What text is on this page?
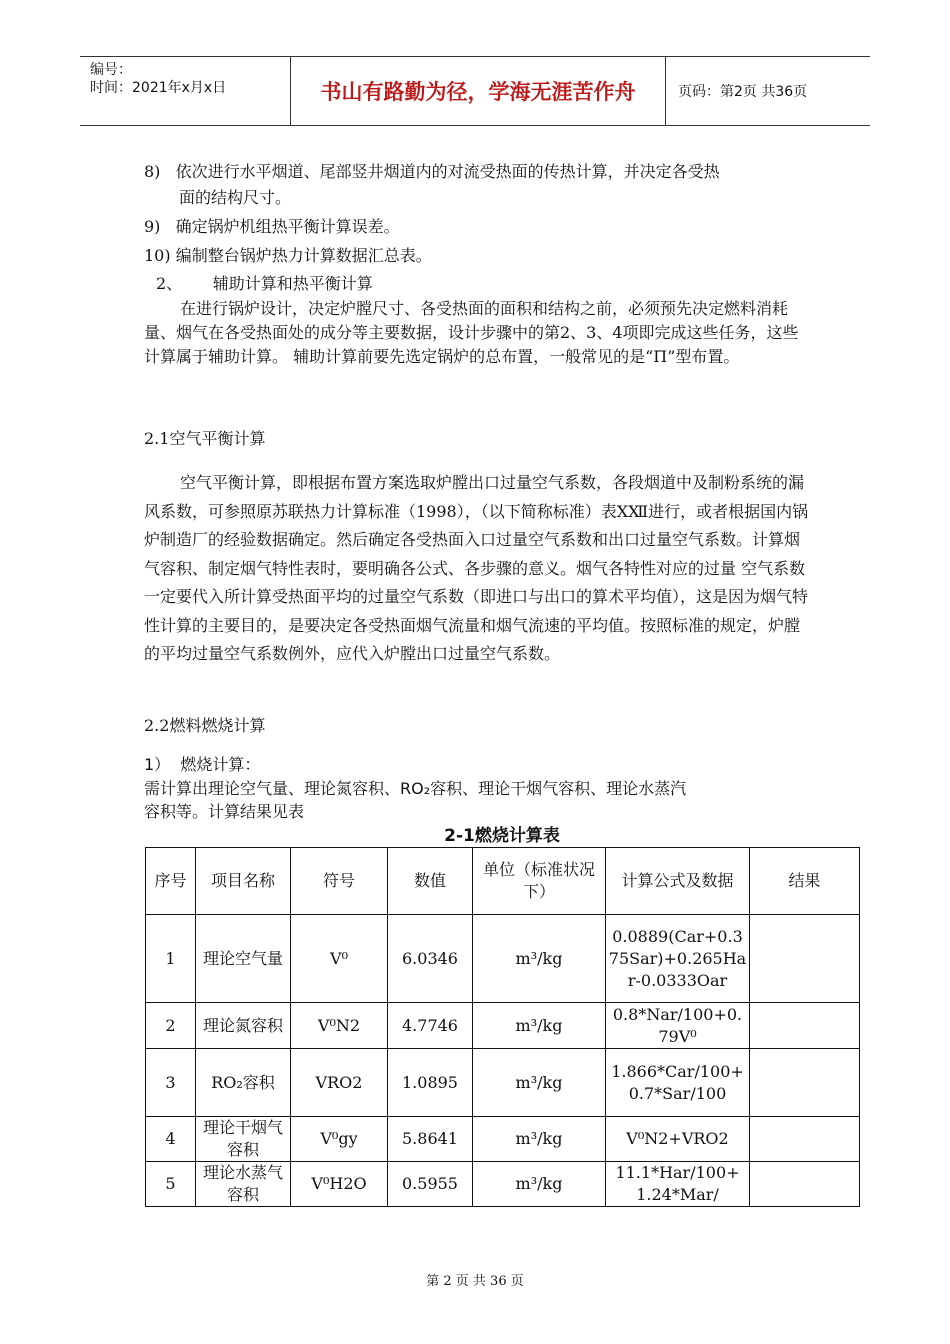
编号：
时间：2021年x月x日	书山有路勤为径，学海无涯苦作舟	页码：第2页 共36页
8)   依次进行水平烟道、尾部竖井烟道内的对流受热面的传热计算，并决定各受热
面的结构尺寸。
9)   确定锅炉机组热平衡计算误差。
10) 编制整台锅炉热力计算数据汇总表。
2、      辅助计算和热平衡计算
在进行锅炉设计，决定炉膛尺寸、各受热面的面积和结构之前，必须预先决定燃料消耗量、烟气在各受热面处的成分等主要数据，设计步骤中的第2、3、4项即完成这些任务，这些计算属于辅助计算。 辅助计算前要先选定锅炉的总布置，一般常见的是“П”型布置。
2.1空气平衡计算
空气平衡计算，即根据布置方案选取炉膛出口过量空气系数，各段烟道中及制粉系统的漏风系数，可参照原苏联热力计算标准（1998），（以下简称标准）表ⅩⅫ进行，或者根据国内锅炉制造厂的经验数据确定。然后确定各受热面入口过量空气系数和出口过量空气系数。计算烟气容积、制定烟气特性表时，要明确各公式、各步骤的意义。烟气各特性对应的过量 空气系数一定要代入所计算受热面平均的过量空气系数（即进口与出口的算术平均值），这是因为烟气特性计算的主要目的，是要决定各受热面烟气流量和烟气流速的平均值。按照标准的规定，炉膛的平均过量空气系数例外，应代入炉膛出口过量空气系数。
2.2燃料燃烧计算
1）  燃烧计算：
需计算出理论空气量、理论氮容积、RO₂容积、理论干烟气容积、理论水蒸汽
容积等。计算结果见表
2-1燃烧计算表
序号	项目名称	符号	数值	单位（标准状况下）	计算公式及数据	结果
1	理论空气量	V⁰	6.0346	m³/kg	0.0889(Car+0.375Sar)+0.265Har-0.0333Oar	
2	理论氮容积	V⁰N2	4.7746	m³/kg	0.8*Nar/100+0.79V⁰	
3	RO₂容积	VRO2	1.0895	m³/kg	1.866*Car/100+0.7*Sar/100	
4	理论干烟气容积	V⁰gy	5.8641	m³/kg	V⁰N2+VRO2	
5	理论水蒸气容积	V⁰H2O	0.5955	m³/kg	11.1*Har/100+1.24*Mar/	
第 2 页 共 36 页
